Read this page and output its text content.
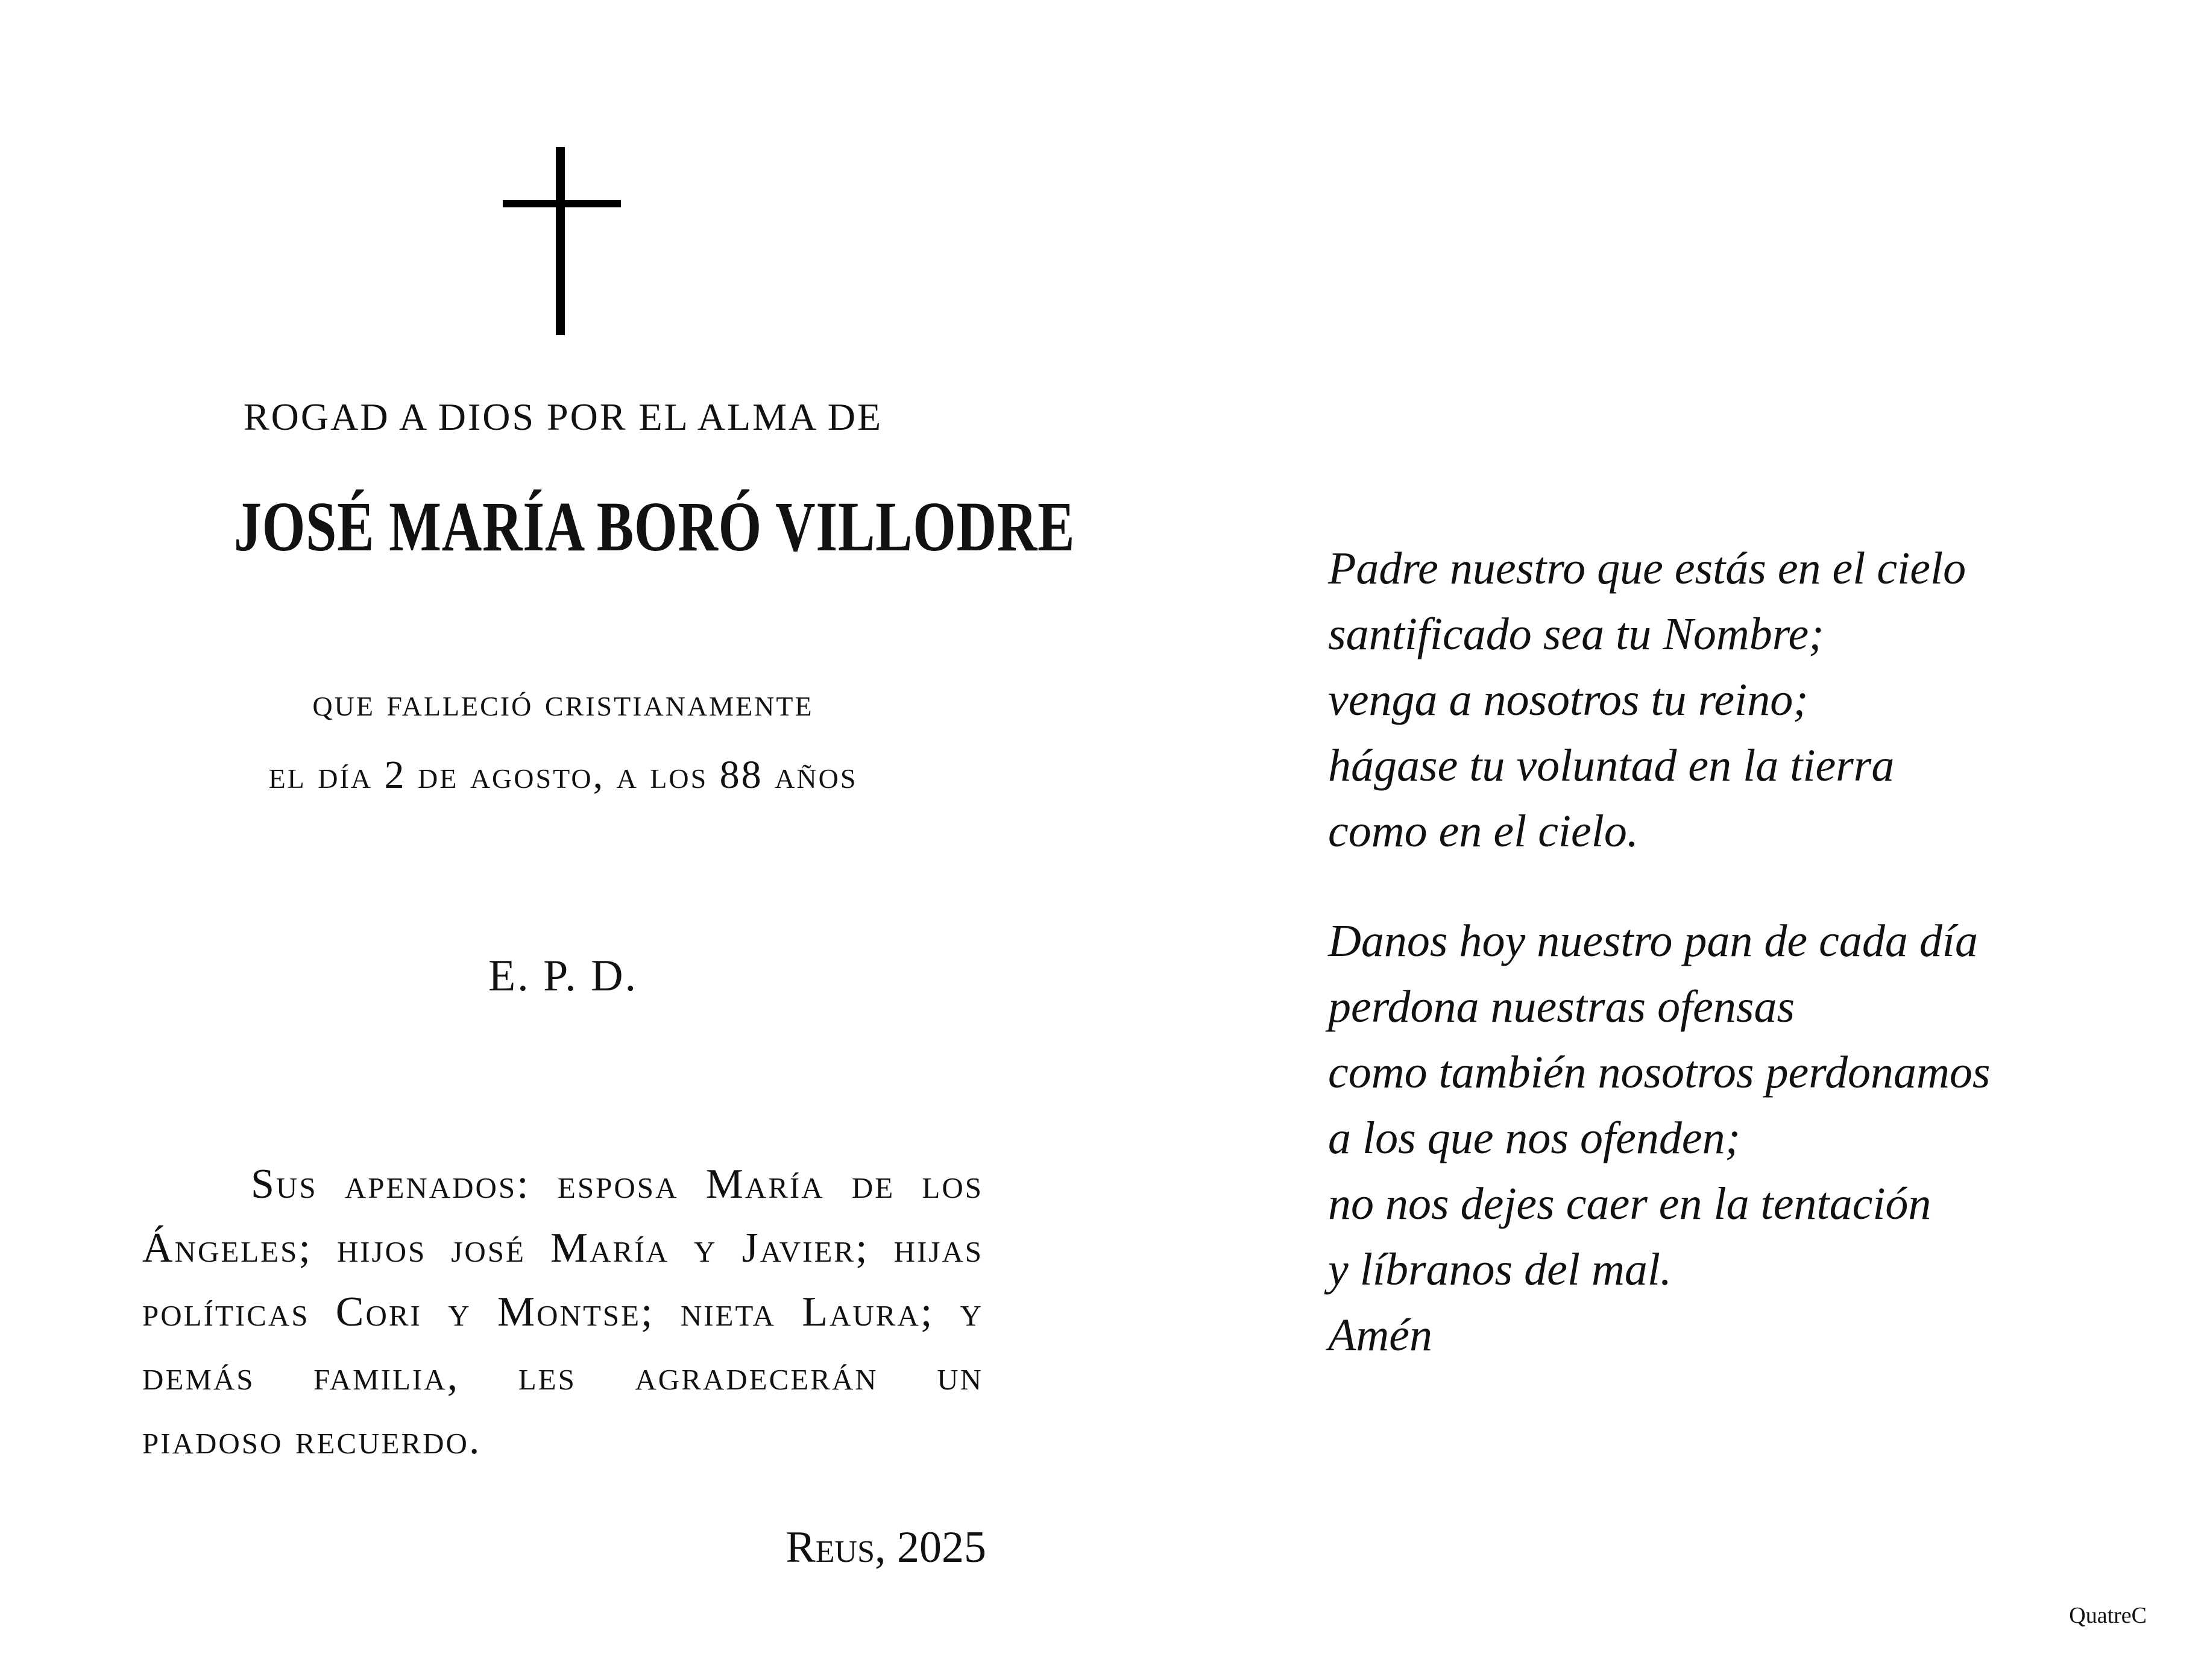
ROGAD A DIOS POR EL ALMA DE
JOSÉ MARÍA BORÓ VILLODRE
que falleció cristianamente
el día 2 de agosto, a los 88 años
E. P. D.
Sus apenados: esposa María de los
Ángeles; hijos josé María y Javier; hijas
políticas Cori y Montse; nieta Laura; y
demás familia, les agradecerán un
piadoso recuerdo.
Reus, 2025
Padre nuestro que estás en el cielo
santificado sea tu Nombre;
venga a nosotros tu reino;
hágase tu voluntad en la tierra
como en el cielo.
Danos hoy nuestro pan de cada día
perdona nuestras ofensas
como también nosotros perdonamos
a los que nos ofenden;
no nos dejes caer en la tentación
y líbranos del mal.
Amén
QuatreC
